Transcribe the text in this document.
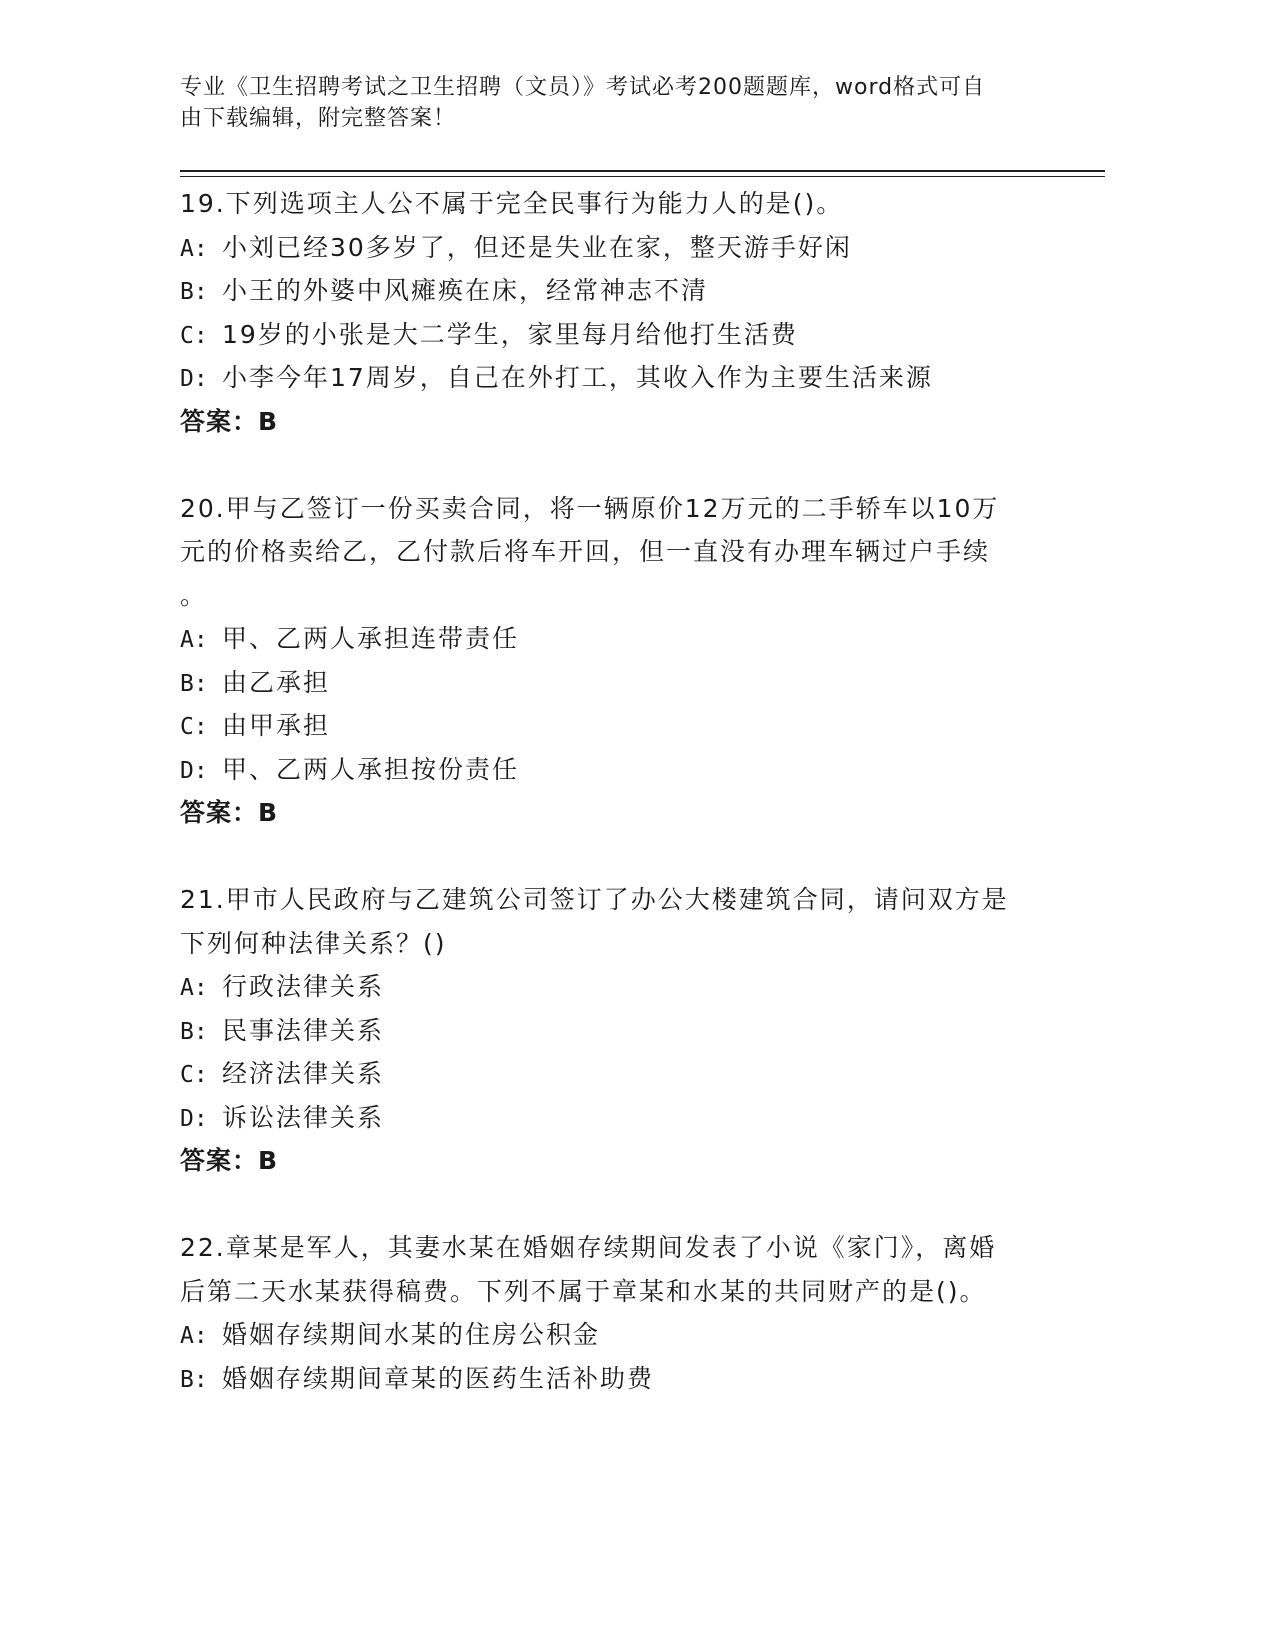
专业《卫生招聘考试之卫生招聘（文员）》考试必考200题题库，word格式可自
由下载编辑，附完整答案！
19.下列选项主人公不属于完全民事行为能力人的是()。
A: 小刘已经30多岁了，但还是失业在家，整天游手好闲
B: 小王的外婆中风瘫痪在床，经常神志不清
C: 19岁的小张是大二学生，家里每月给他打生活费
D: 小李今年17周岁，自己在外打工，其收入作为主要生活来源
答案：B
20.甲与乙签订一份买卖合同，将一辆原价12万元的二手轿车以10万
元的价格卖给乙，乙付款后将车开回，但一直没有办理车辆过户手续
。
A: 甲、乙两人承担连带责任
B: 由乙承担
C: 由甲承担
D: 甲、乙两人承担按份责任
答案：B
21.甲市人民政府与乙建筑公司签订了办公大楼建筑合同，请问双方是
下列何种法律关系？()
A: 行政法律关系
B: 民事法律关系
C: 经济法律关系
D: 诉讼法律关系
答案：B
22.章某是军人，其妻水某在婚姻存续期间发表了小说《家门》，离婚
后第二天水某获得稿费。下列不属于章某和水某的共同财产的是()。
A: 婚姻存续期间水某的住房公积金
B: 婚姻存续期间章某的医药生活补助费
